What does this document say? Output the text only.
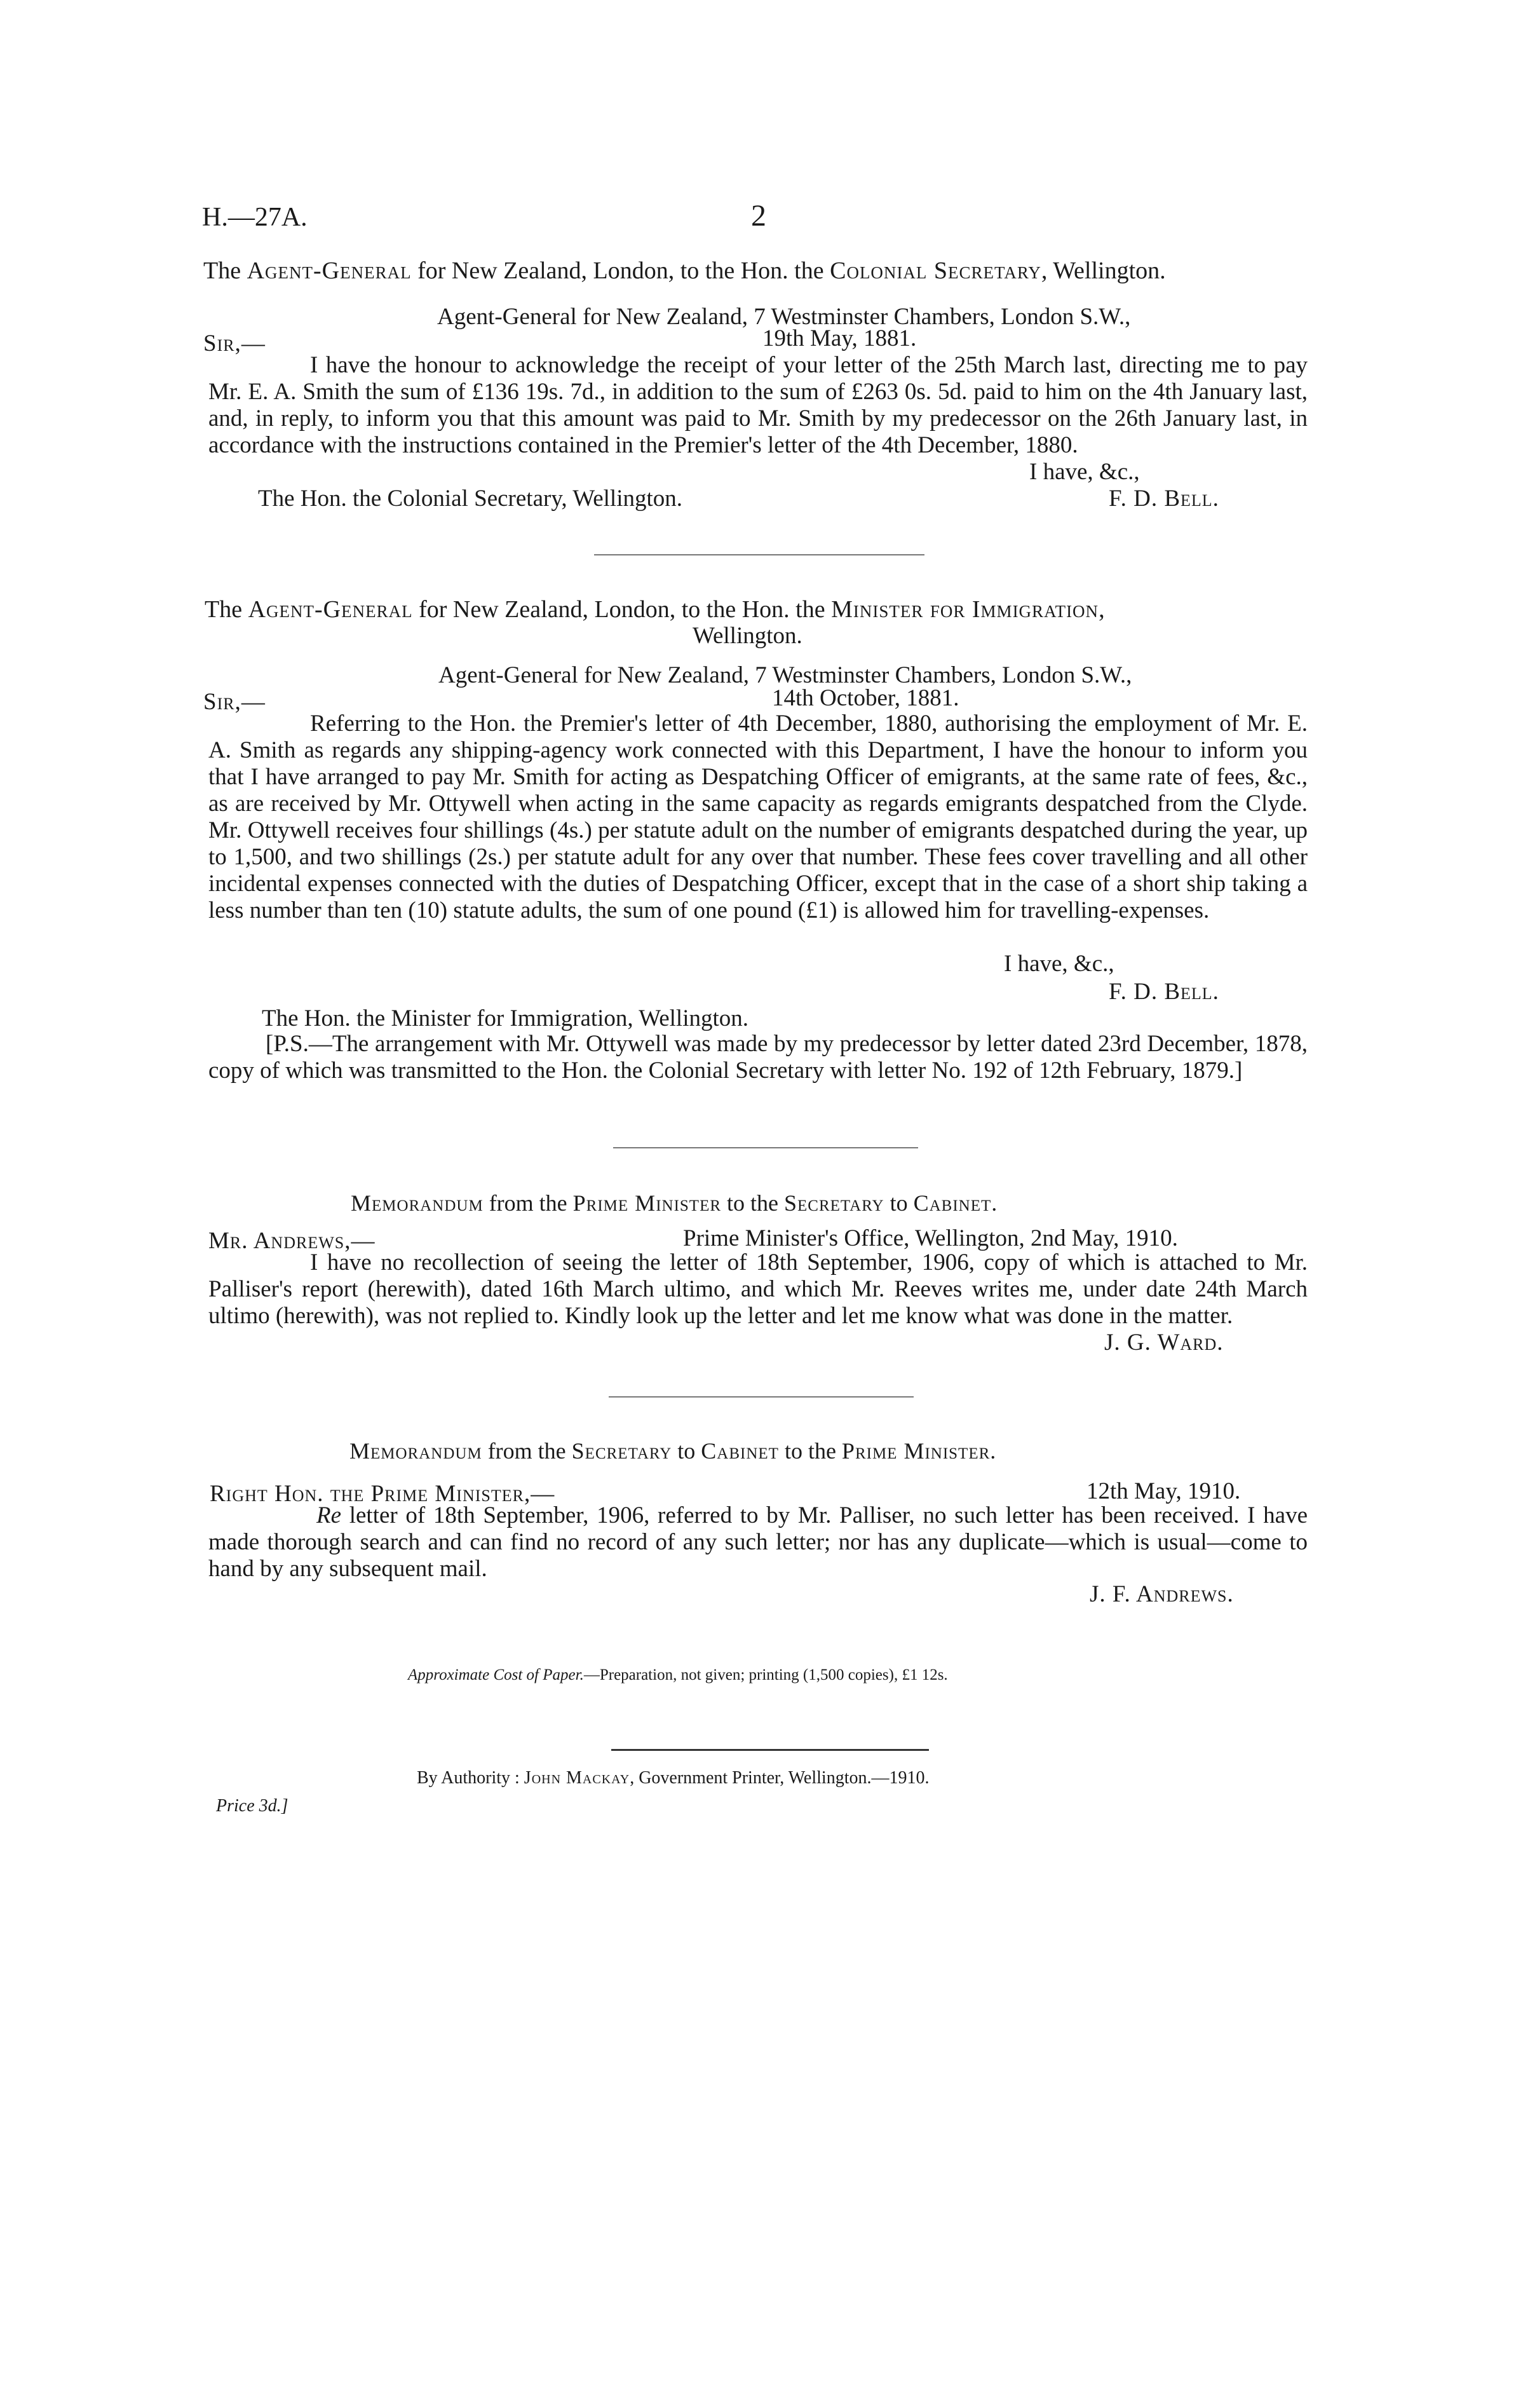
H.—27A.	2
The Agent-General for New Zealand, London, to the Hon. the Colonial Secretary, Wellington.
Agent-General for New Zealand, 7 Westminster Chambers, London S.W.,
Sir,—	19th May, 1881.
I have the honour to acknowledge the receipt of your letter of the 25th March last, directing me to pay Mr. E. A. Smith the sum of £136 19s. 7d., in addition to the sum of £263 0s. 5d. paid to him on the 4th January last, and, in reply, to inform you that this amount was paid to Mr. Smith by my predecessor on the 26th January last, in accordance with the instructions contained in the Premier's letter of the 4th December, 1880.
I have, &c.,
The Hon. the Colonial Secretary, Wellington.	F. D. Bell.
The Agent-General for New Zealand, London, to the Hon. the Minister for Immigration,
Wellington.
Agent-General for New Zealand, 7 Westminster Chambers, London S.W.,
Sir,—	14th October, 1881.
Referring to the Hon. the Premier's letter of 4th December, 1880, authorising the employment of Mr. E. A. Smith as regards any shipping-agency work connected with this Department, I have the honour to inform you that I have arranged to pay Mr. Smith for acting as Despatching Officer of emigrants, at the same rate of fees, &c., as are received by Mr. Ottywell when acting in the same capacity as regards emigrants despatched from the Clyde. Mr. Ottywell receives four shillings (4s.) per statute adult on the number of emigrants despatched during the year, up to 1,500, and two shillings (2s.) per statute adult for any over that number. These fees cover travelling and all other incidental expenses connected with the duties of Despatching Officer, except that in the case of a short ship taking a less number than ten (10) statute adults, the sum of one pound (£1) is allowed him for travelling-expenses.
I have, &c.,
F. D. Bell.
The Hon. the Minister for Immigration, Wellington.
[P.S.—The arrangement with Mr. Ottywell was made by my predecessor by letter dated 23rd December, 1878, copy of which was transmitted to the Hon. the Colonial Secretary with letter No. 192 of 12th February, 1879.]
Memorandum from the Prime Minister to the Secretary to Cabinet.
Mr. Andrews,—	Prime Minister's Office, Wellington, 2nd May, 1910.
I have no recollection of seeing the letter of 18th September, 1906, copy of which is attached to Mr. Palliser's report (herewith), dated 16th March ultimo, and which Mr. Reeves writes me, under date 24th March ultimo (herewith), was not replied to. Kindly look up the letter and let me know what was done in the matter.
J. G. Ward.
Memorandum from the Secretary to Cabinet to the Prime Minister.
Right Hon. the Prime Minister,—	12th May, 1910.
Re letter of 18th September, 1906, referred to by Mr. Palliser, no such letter has been received. I have made thorough search and can find no record of any such letter; nor has any duplicate—which is usual—come to hand by any subsequent mail.
J. F. Andrews.
Approximate Cost of Paper.—Preparation, not given; printing (1,500 copies), £1 12s.
By Authority : John Mackay, Government Printer, Wellington.—1910.
Price 3d.]
